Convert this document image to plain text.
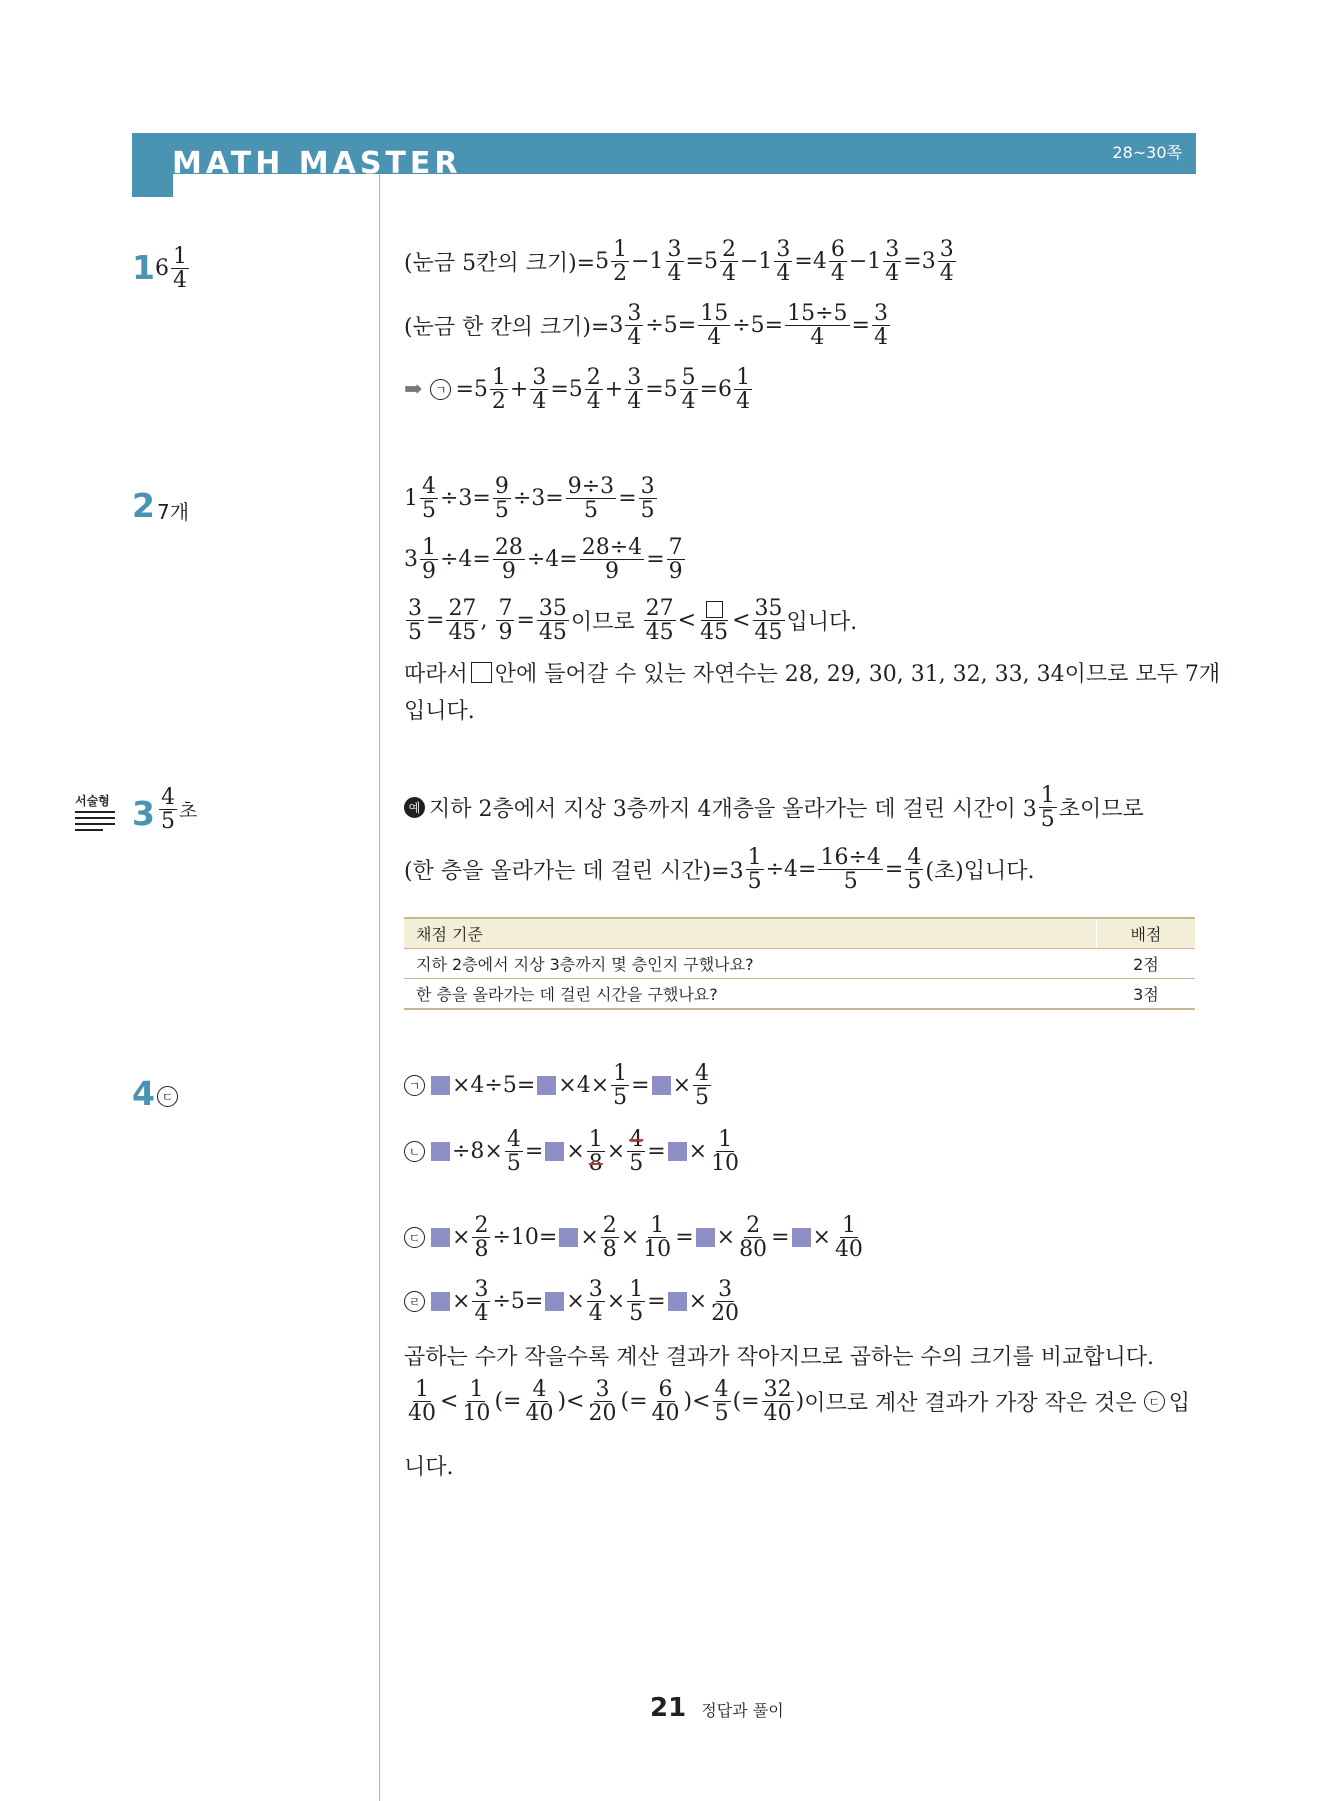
MATH MASTER	28~30쪽
1 $6 \frac{1}{4}$	(눈금 5칸의 크기)= $5 \frac{1}{2} -1 \frac{3}{4} =5 \frac{2}{4} -1 \frac{3}{4} =4 \frac{6}{4} -1 \frac{3}{4} =3 \frac{3}{4}$
(눈금 한 칸의 크기)= $3 \frac{3}{4} \div 5= \frac{15}{4} \div 5= \frac{15\div 5}{4} = \frac{3}{4}$
➡	ㄱ $=5 \frac{1}{2} + \frac{3}{4} =5 \frac{2}{4} + \frac{3}{4} =5 \frac{5}{4} =6 \frac{1}{4}$
2 7개
$1 \frac{4}{5} \div 3= \frac{9}{5} \div 3= \frac{9\div 3}{5} = \frac{3}{5}$
$3 \frac{1}{9} \div 4= \frac{28}{9} \div 4= \frac{28\div 4}{9} = \frac{7}{9}$
$\frac{3}{5} = \frac{27}{45}$ , $\frac{7}{9} = \frac{35}{45}$ 이므로
$\frac{27}{45} < 45 < \frac{35}{45}$ 입니다.
따라서 안에 들어갈 수 있는 자연수는 28, 29, 30, 31, 32, 33, 34이므로 모두 7개
입니다.
서술형 $3 \frac{4}{5}$ 초	예 지하 2층에서 지상 3층까지 4개층을 올라가는 데 걸린 시간이 $3 \frac{1}{5}$ 초이므로
(한 층을 올라가는 데 걸린 시간)$=3 \frac{1}{5} \div 4= \frac{16\div 4}{5} = \frac{4}{5}$ (초)입니다.
채점 기준	배점
지하 2층에서 지상 3층까지 몇 층인지 구했나요?	2점
한 층을 올라가는 데 걸린 시간을 구했나요?	3점
4 ㄷ
ㄱ $\times 4\div 5= \times 4\times \frac{1}{5}$ = × $\frac{4}{5}$
ㄴ $\div 8\times \frac{4}{5}$ = × $\frac{1}{8} \times \frac{4}{5}$ = × $\frac{1}{10}$
ㄷ × $\frac{2}{8} \div 10= \times \frac{2}{8} \times \frac{1}{10}$ = × $\frac{2}{80}$ = × $\frac{1}{40}$
ㄹ × $\frac{3}{4} \div 5= \times \frac{3}{4} \times \frac{1}{5}$ = × $\frac{3}{20}$
곱하는 수가 작을수록 계산 결과가 작아지므로 곱하는 수의 크기를 비교합니다.
$\frac{1}{40} < \frac{1}{10}$ (= $\frac{4}{40}$ )< $\frac{3}{20}$ (= $\frac{6}{40}$ )< $\frac{4}{5}$ (= $\frac{32}{40}$ ) 이므로 계산 결과가 가장 작은 것은
ㄷ 입
니다.
21 정답과 풀이
